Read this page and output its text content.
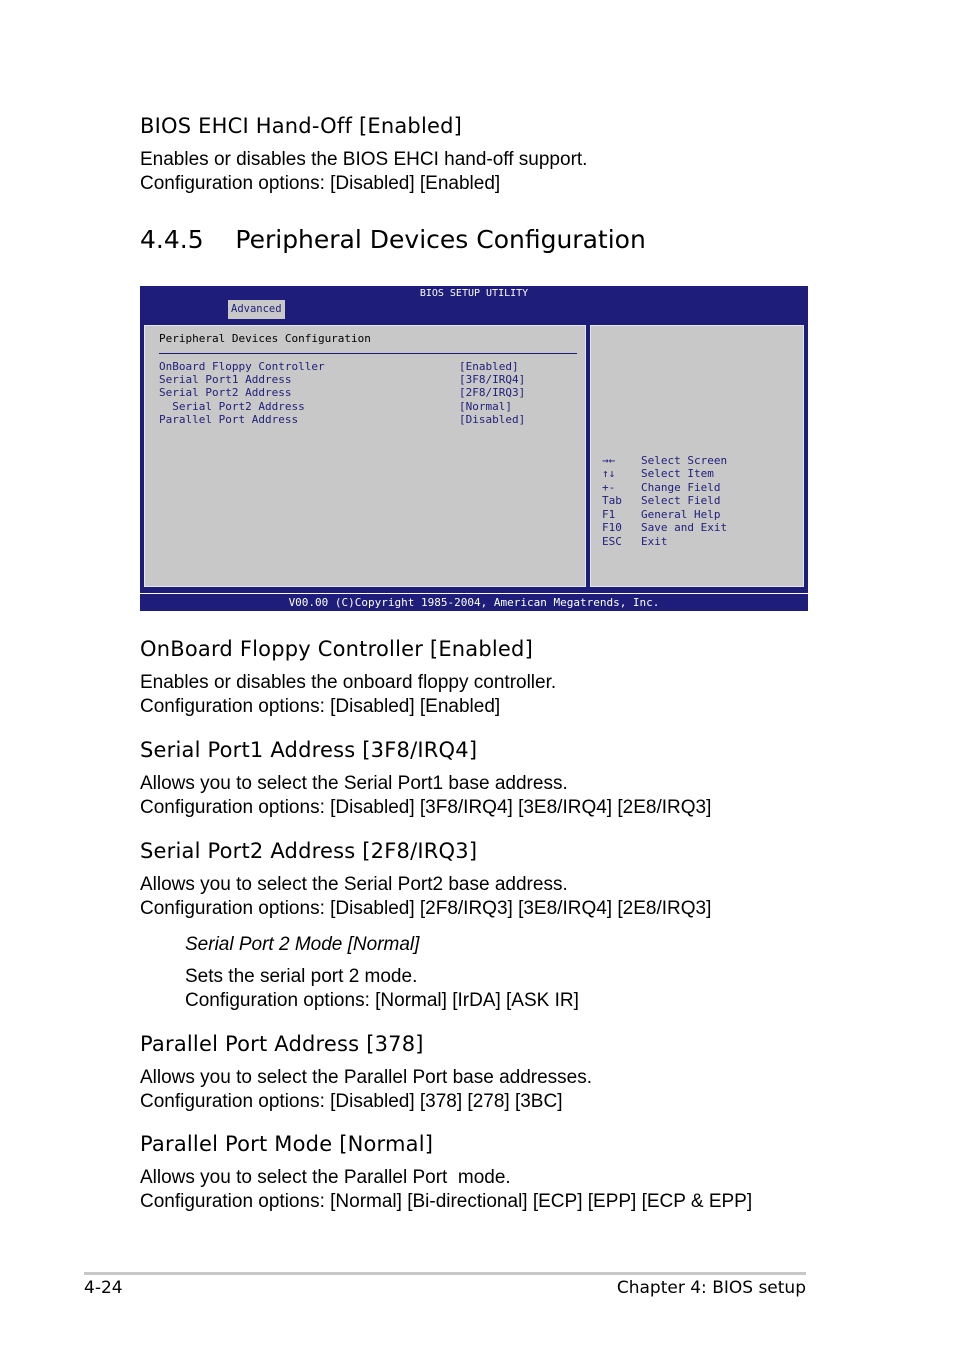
BIOS EHCI Hand-Off [Enabled]
Enables or disables the BIOS EHCI hand-off support.
Configuration options: [Disabled] [Enabled]
4.4.5    Peripheral Devices Configuration
BIOS SETUP UTILITY
Advanced
Peripheral Devices Configuration
OnBoard Floppy Controller	[Enabled]
Serial Port1 Address	[3F8/IRQ4]
Serial Port2 Address	[2F8/IRQ3]
Serial Port2 Address	[Normal]
Parallel Port Address	[Disabled]
→← Select Screen
↑↓ Select Item
+- Change Field
Tab Select Field
F1 General Help
F10 Save and Exit
ESC Exit
V00.00 (C)Copyright 1985-2004, American Megatrends, Inc.
OnBoard Floppy Controller [Enabled]
Enables or disables the onboard floppy controller.
Configuration options: [Disabled] [Enabled]
Serial Port1 Address [3F8/IRQ4]
Allows you to select the Serial Port1 base address.
Configuration options: [Disabled] [3F8/IRQ4] [3E8/IRQ4] [2E8/IRQ3]
Serial Port2 Address [2F8/IRQ3]
Allows you to select the Serial Port2 base address.
Configuration options: [Disabled] [2F8/IRQ3] [3E8/IRQ4] [2E8/IRQ3]
Serial Port 2 Mode [Normal]
Sets the serial port 2 mode.
Configuration options: [Normal] [IrDA] [ASK IR]
Parallel Port Address [378]
Allows you to select the Parallel Port base addresses.
Configuration options: [Disabled] [378] [278] [3BC]
Parallel Port Mode [Normal]
Allows you to select the Parallel Port  mode.
Configuration options: [Normal] [Bi-directional] [ECP] [EPP] [ECP & EPP]
4-24	Chapter 4: BIOS setup
